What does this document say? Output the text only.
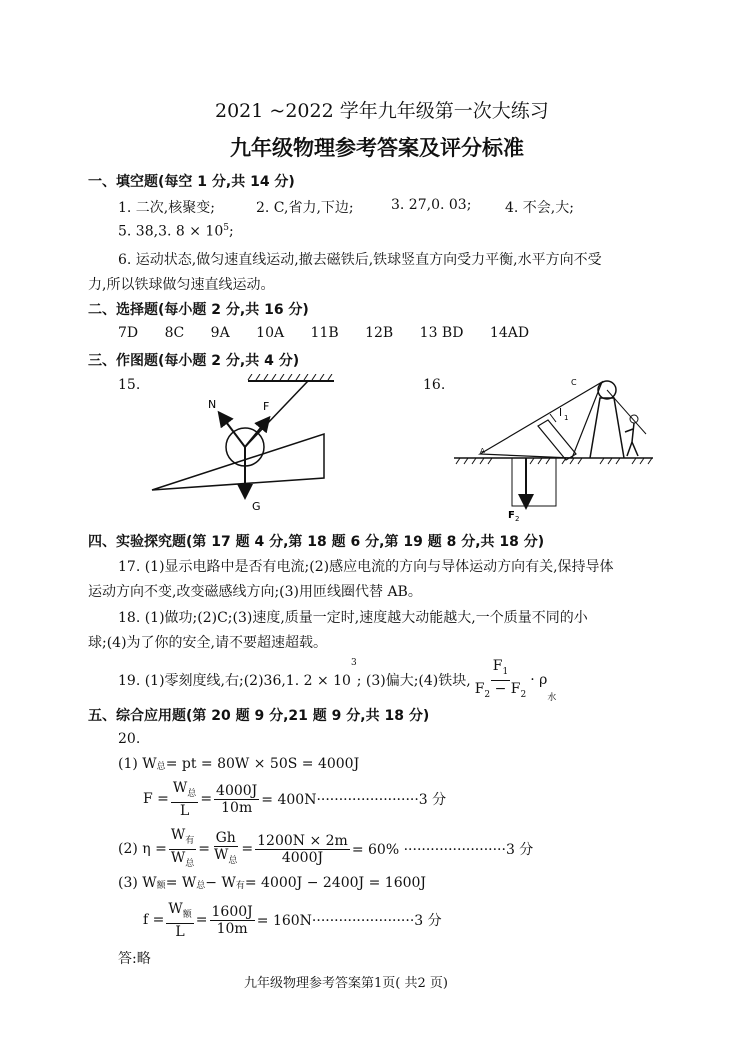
2021 ~2022 学年九年级第一次大练习
九年级物理参考答案及评分标准
一、填空题(每空 1 分,共 14 分)
1. 二次,核聚变;	2. C,省力,下边;	3. 27,0. 03; 4. 不会,大;
5. 38,3. $8 \times 10^5$;
6. 运动状态,做匀速直线运动,撤去磁铁后,铁球竖直方向受力平衡,水平方向不受
力,所以铁球做匀速直线运动。
二、选择题(每小题 2 分,共 16 分)
7D 8C 9A 10A 11B 12B 13 BD 14AD
三、作图题(每小题 2 分,共 4 分)
15.	16.
N	F
G
C
l 1
A
F 2
四、实验探究题(第 17 题 4 分,第 18 题 6 分,第 19 题 8 分,共 18 分)
17. (1)显示电路中是否有电流;(2)感应电流的方向与导体运动方向有关,保持导体
运动方向不变,改变磁感线方向;(3)用匝线圈代替 AB。
18. (1)做功;(2)C;(3)速度,质量一定时,速度越大动能越大,一个质量不同的小
球;(4)为了你的安全,请不要超速超载。
19. (1)零刻度线,右;(2)36,1. 2 × 10
3
; (3)偏大;(4)铁块, $\frac{F_1}{F_2 - F_2} \cdot \rho$
水
五、综合应用题(第 20 题 9 分,21 题 9 分,共 18 分)
20.
(1) W 总 = pt = 80W × 50S = 4000J
$F = \frac{W_总}{L} = \frac{4000J}{10m} = 400N\cdot\cdot\cdot\cdot\cdot\cdot\cdot\cdot\cdot\cdot\cdot\cdot\cdot\cdot\cdot\cdot\cdot\cdot\cdot\cdot\cdot\cdot\cdot 3$ 分
(2) $\eta = \frac{W_有}{W_总} = \frac{Gh}{W_总} = \frac{1200N \times 2m}{4000J} = 60\% \cdot\cdot\cdot\cdot\cdot\cdot\cdot\cdot\cdot\cdot\cdot\cdot\cdot\cdot\cdot\cdot\cdot\cdot\cdot\cdot\cdot\cdot\cdot 3$ 分
(3) W 额 = W 总 − W 有 = 4000J − 2400J = 1600J
$f = \frac{W_额}{L} = \frac{1600J}{10m} = 160N\cdot\cdot\cdot\cdot\cdot\cdot\cdot\cdot\cdot\cdot\cdot\cdot\cdot\cdot\cdot\cdot\cdot\cdot\cdot\cdot\cdot\cdot\cdot 3$ 分
答:略
九年级物理参考答案第1页( 共2 页)
